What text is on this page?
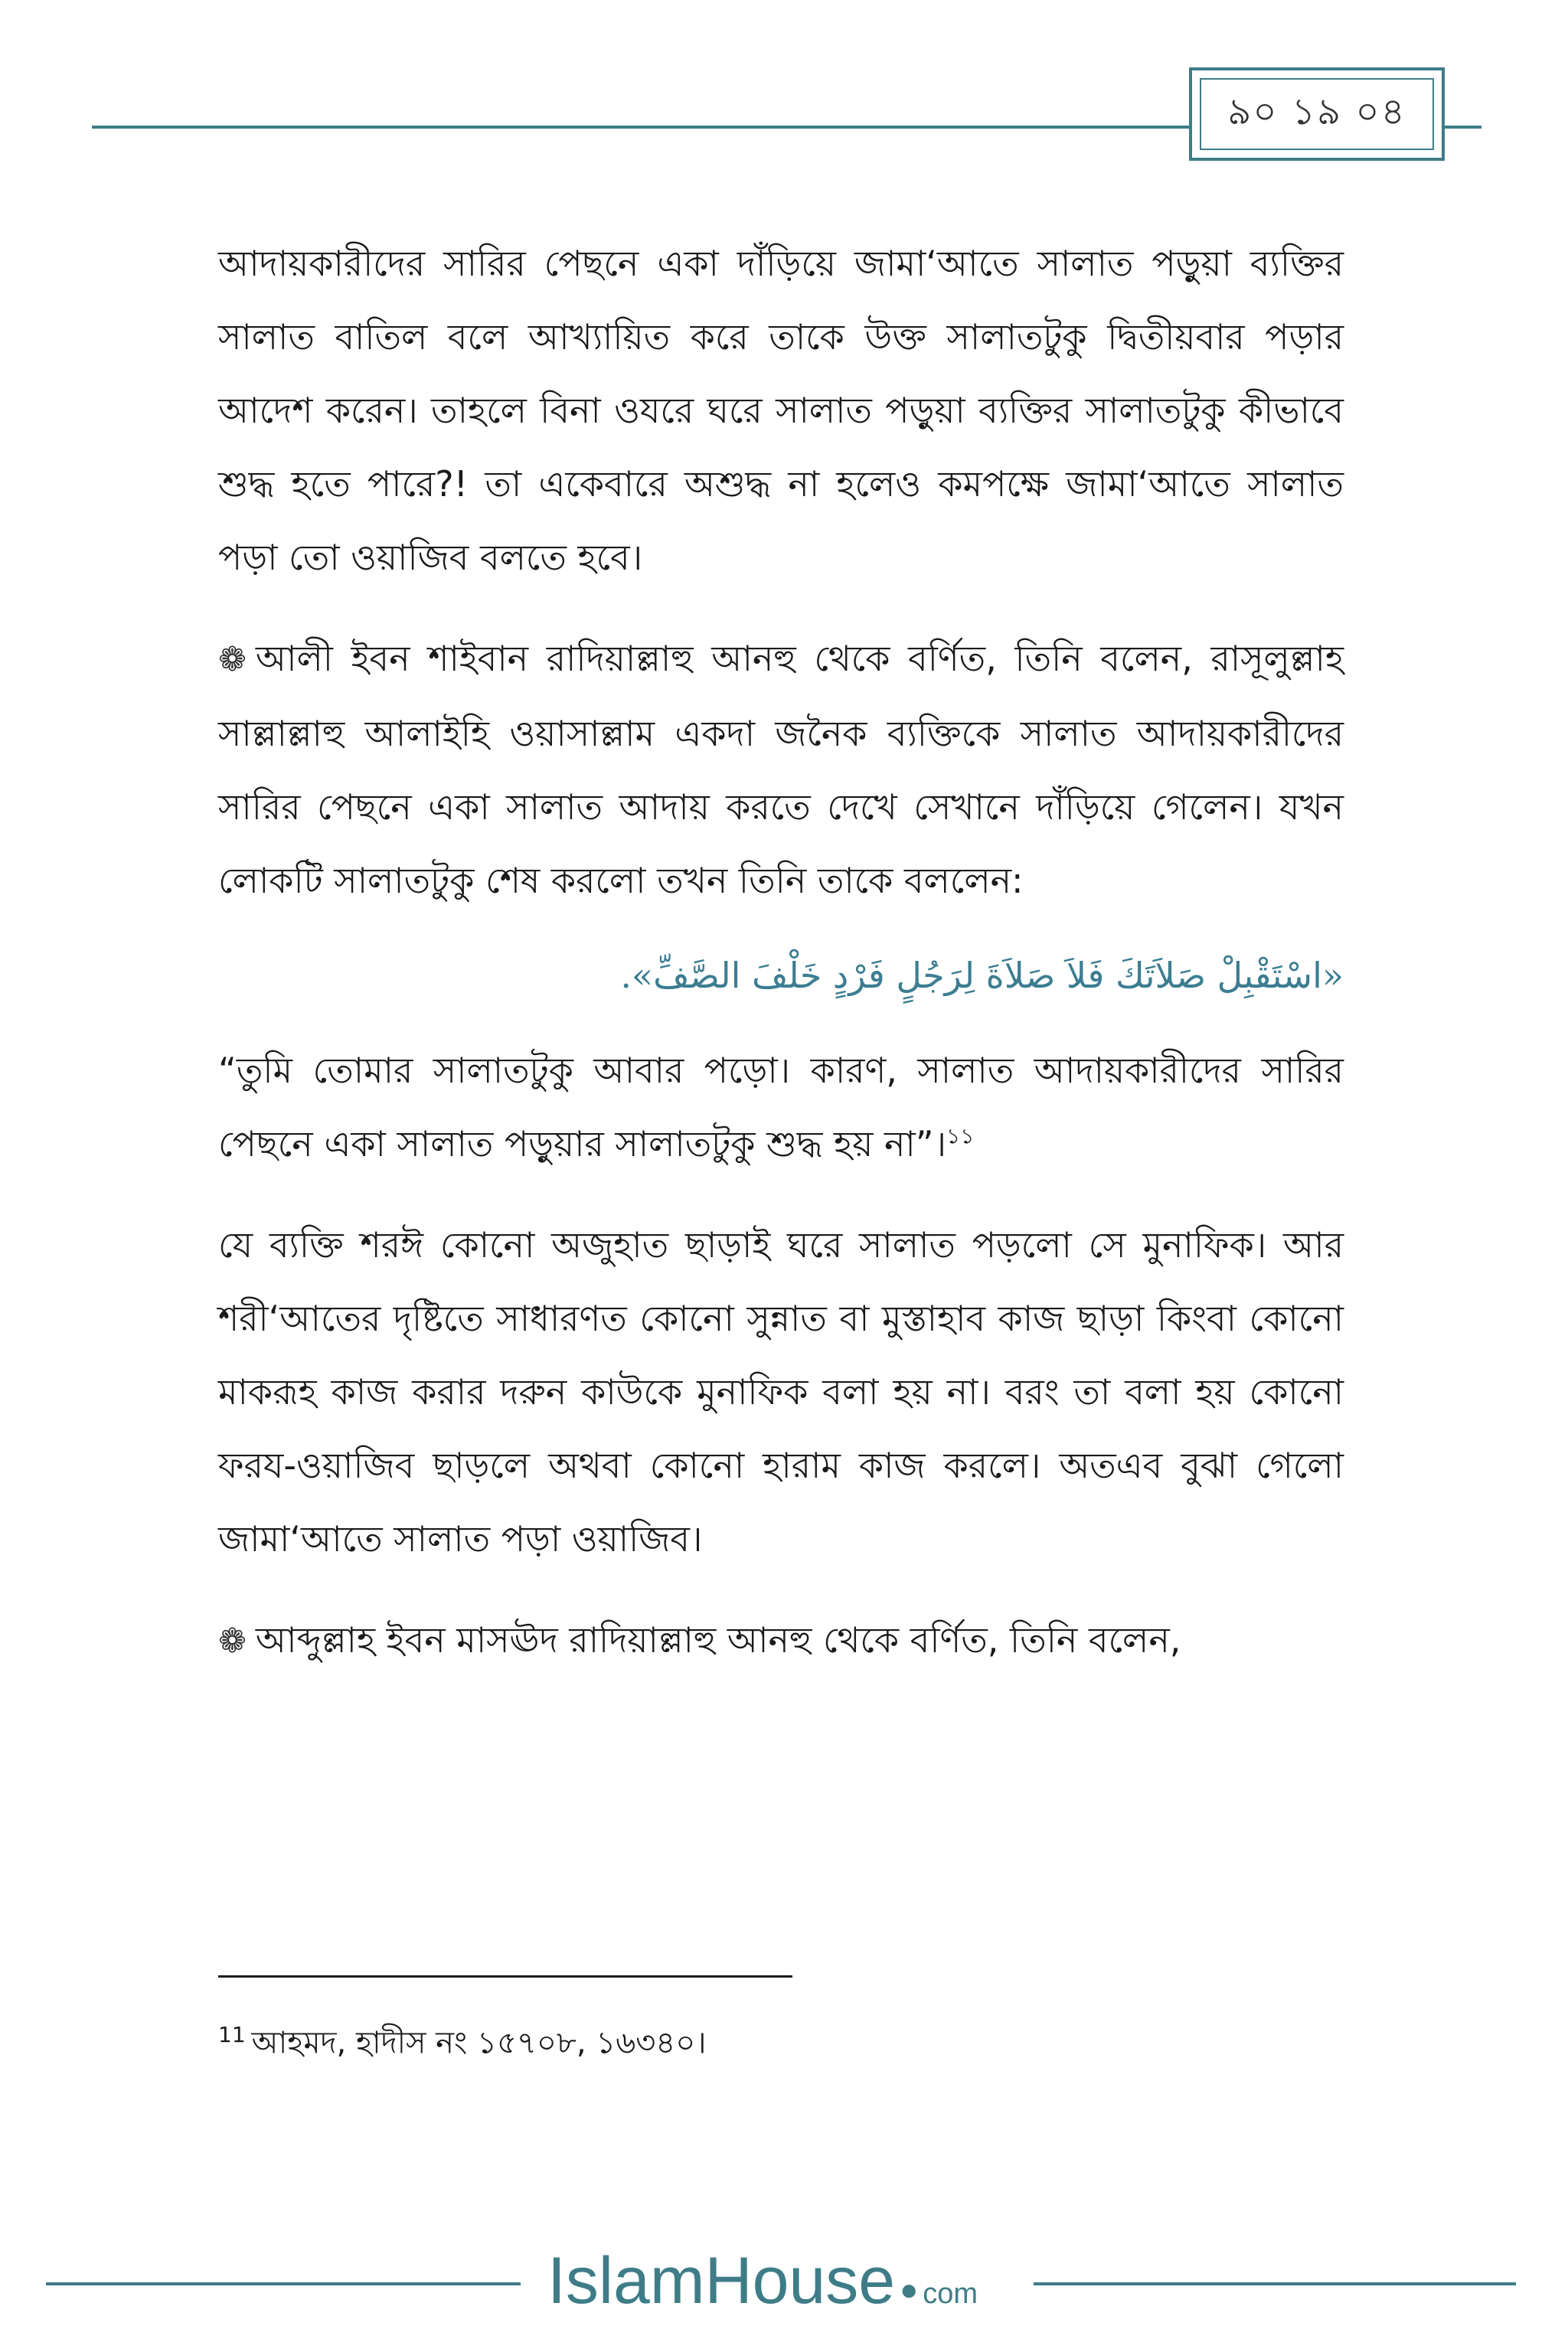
৯০ ১৯ ০৪

আদায়কারীদের সারির পেছনে একা দাঁড়িয়ে জামা‘আতে সালাত পড়ুয়া ব্যক্তির সালাত বাতিল বলে আখ্যায়িত করে তাকে উক্ত সালাতটুকু দ্বিতীয়বার পড়ার আদেশ করেন। তাহলে বিনা ওযরে ঘরে সালাত পড়ুয়া ব্যক্তির সালাতটুকু কীভাবে শুদ্ধ হতে পারে?! তা একেবারে অশুদ্ধ না হলেও কমপক্ষে জামা‘আতে সালাত পড়া তো ওয়াজিব বলতে হবে।

❁ আলী ইবন শাইবান রাদিয়াল্লাহু আনহু থেকে বর্ণিত, তিনি বলেন, রাসূলুল্লাহ সাল্লাল্লাহু আলাইহি ওয়াসাল্লাম একদা জনৈক ব্যক্তিকে সালাত আদায়কারীদের সারির পেছনে একা সালাত আদায় করতে দেখে সেখানে দাঁড়িয়ে গেলেন। যখন লোকটি সালাতটুকু শেষ করলো তখন তিনি তাকে বললেন:

«اسْتَقْبِلْ صَلاَتَكَ فَلاَ صَلاَةَ لِرَجُلٍ فَرْدٍ خَلْفَ الصَّفِّ».

“তুমি তোমার সালাতটুকু আবার পড়ো। কারণ, সালাত আদায়কারীদের সারির পেছনে একা সালাত পড়ুয়ার সালাতটুকু শুদ্ধ হয় না”।$^{১১}$

যে ব্যক্তি শরঈ কোনো অজুহাত ছাড়াই ঘরে সালাত পড়লো সে মুনাফিক। আর শরী‘আতের দৃষ্টিতে সাধারণত কোনো সুন্নাত বা মুস্তাহাব কাজ ছাড়া কিংবা কোনো মাকরূহ কাজ করার দরুন কাউকে মুনাফিক বলা হয় না। বরং তা বলা হয় কোনো ফরয-ওয়াজিব ছাড়লে অথবা কোনো হারাম কাজ করলে। অতএব বুঝা গেলো জামা‘আতে সালাত পড়া ওয়াজিব।

❁ আব্দুল্লাহ ইবন মাসঊদ রাদিয়াল্লাহু আনহু থেকে বর্ণিত, তিনি বলেন,

$^{11}$ আহমদ, হাদীস নং ১৫৭০৮, ১৬৩৪০।
IslamHouse ● com
